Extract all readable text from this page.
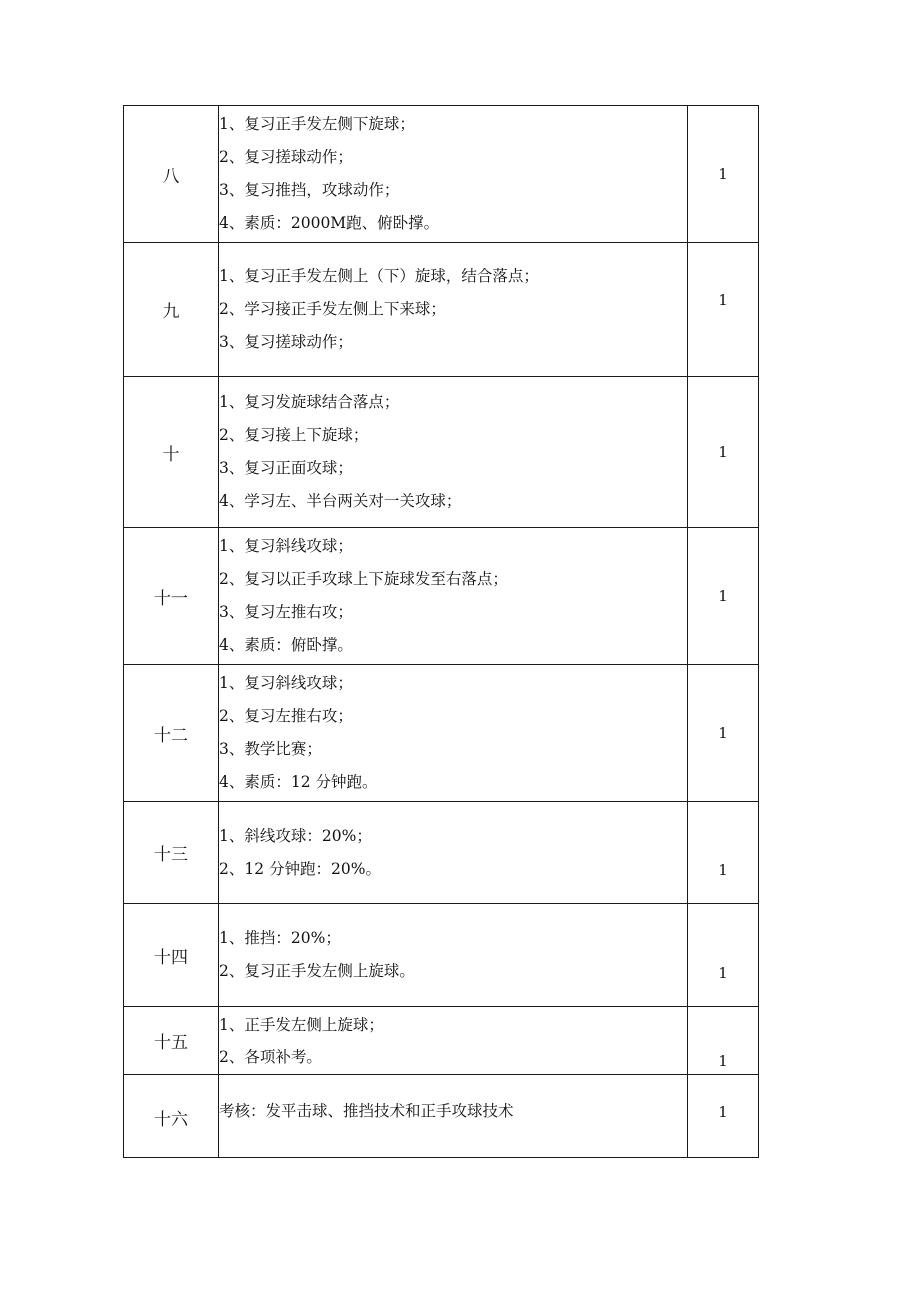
八	1、复习正手发左侧下旋球；
2、复习搓球动作；
3、复习推挡，攻球动作；
4、素质：2000M跑、俯卧撑。	1
九	1、复习正手发左侧上（下）旋球，结合落点；
2、学习接正手发左侧上下来球；
3、复习搓球动作；	1
十	1、复习发旋球结合落点；
2、复习接上下旋球；
3、复习正面攻球；
4、学习左、半台两关对一关攻球；	1
十一	1、复习斜线攻球；
2、复习以正手攻球上下旋球发至右落点；
3、复习左推右攻；
4、素质：俯卧撑。	1
十二	1、复习斜线攻球；
2、复习左推右攻；
3、教学比赛；
4、素质：12 分钟跑。	1
十三	1、斜线攻球：20%；
2、12 分钟跑：20%。	1
十四	1、推挡：20%；
2、复习正手发左侧上旋球。	1
十五	1、正手发左侧上旋球；
2、各项补考。	1
十六	考核：发平击球、推挡技术和正手攻球技术	1
